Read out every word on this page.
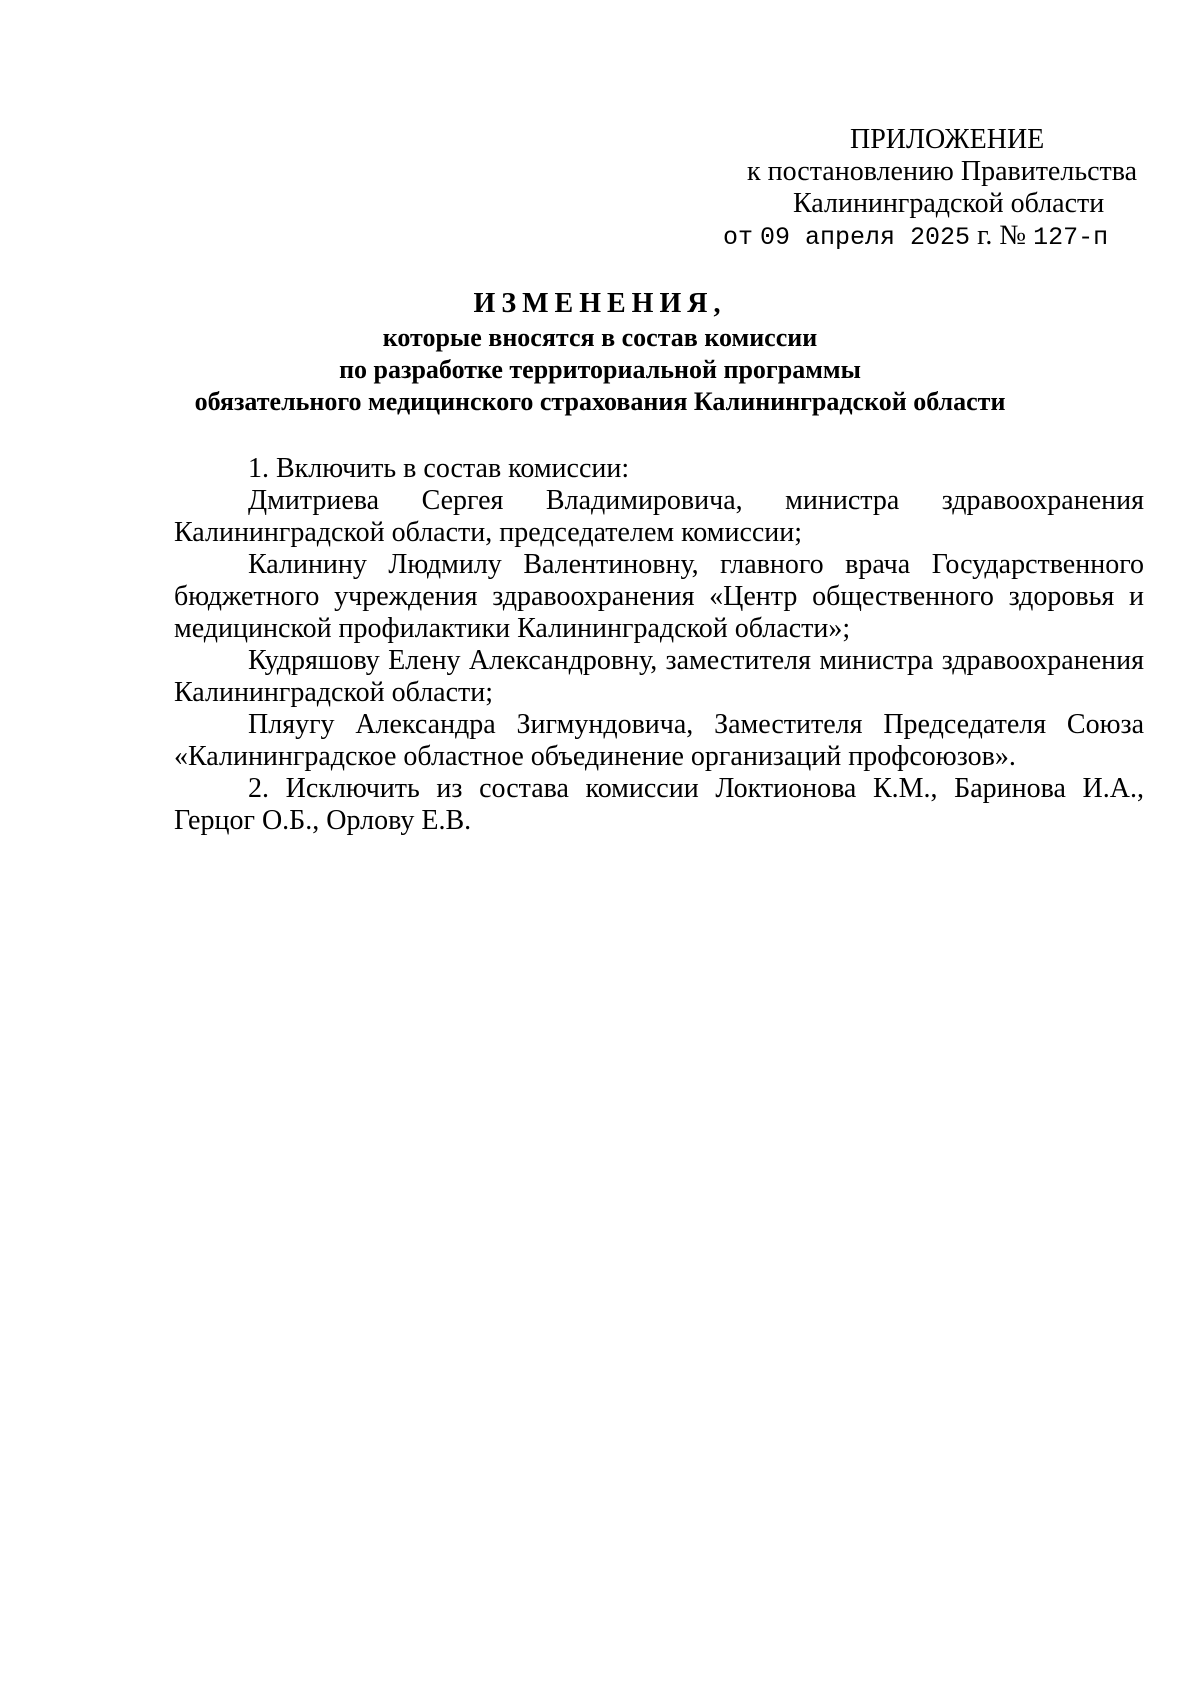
ПРИЛОЖЕНИЕ
к постановлению Правительства
Калининградской области
от 09 апреля 2025 г. № 127-п
ИЗМЕНЕНИЯ,
которые вносятся в состав комиссии
по разработке территориальной программы
обязательного медицинского страхования Калининградской области

1. Включить в состав комиссии:

Дмитриева Сергея Владимировича, министра здравоохранения Калининградской области, председателем комиссии;

Калинину Людмилу Валентиновну, главного врача Государственного бюджетного учреждения здравоохранения «Центр общественного здоровья и медицинской профилактики Калининградской области»;

Кудряшову Елену Александровну, заместителя министра здравоохранения Калининградской области;

Пляугу Александра Зигмундовича, Заместителя Председателя Союза «Калининградское областное объединение организаций профсоюзов».

2. Исключить из состава комиссии Локтионова К.М., Баринова И.А., Герцог О.Б., Орлову Е.В.
